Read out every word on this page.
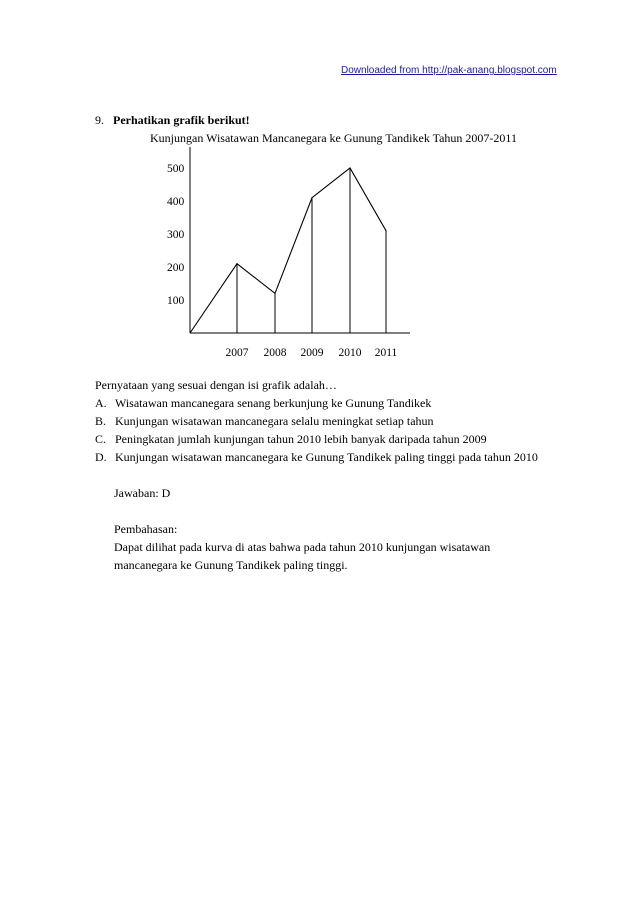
Downloaded from http://pak-anang.blogspot.com
9. Perhatikan grafik berikut!
Kunjungan Wisatawan Mancanegara ke Gunung Tandikek Tahun 2007-2011
100
200
300
400
500
2007 2008 2009 2010 2011
Pernyataan yang sesuai dengan isi grafik adalah…
A. Wisatawan mancanegara senang berkunjung ke Gunung Tandikek
B. Kunjungan wisatawan mancanegara selalu meningkat setiap tahun
C. Peningkatan jumlah kunjungan tahun 2010 lebih banyak daripada tahun 2009
D. Kunjungan wisatawan mancanegara ke Gunung Tandikek paling tinggi pada tahun 2010
Jawaban: D
Pembahasan:
Dapat dilihat pada kurva di atas bahwa pada tahun 2010 kunjungan wisatawan
mancanegara ke Gunung Tandikek paling tinggi.
